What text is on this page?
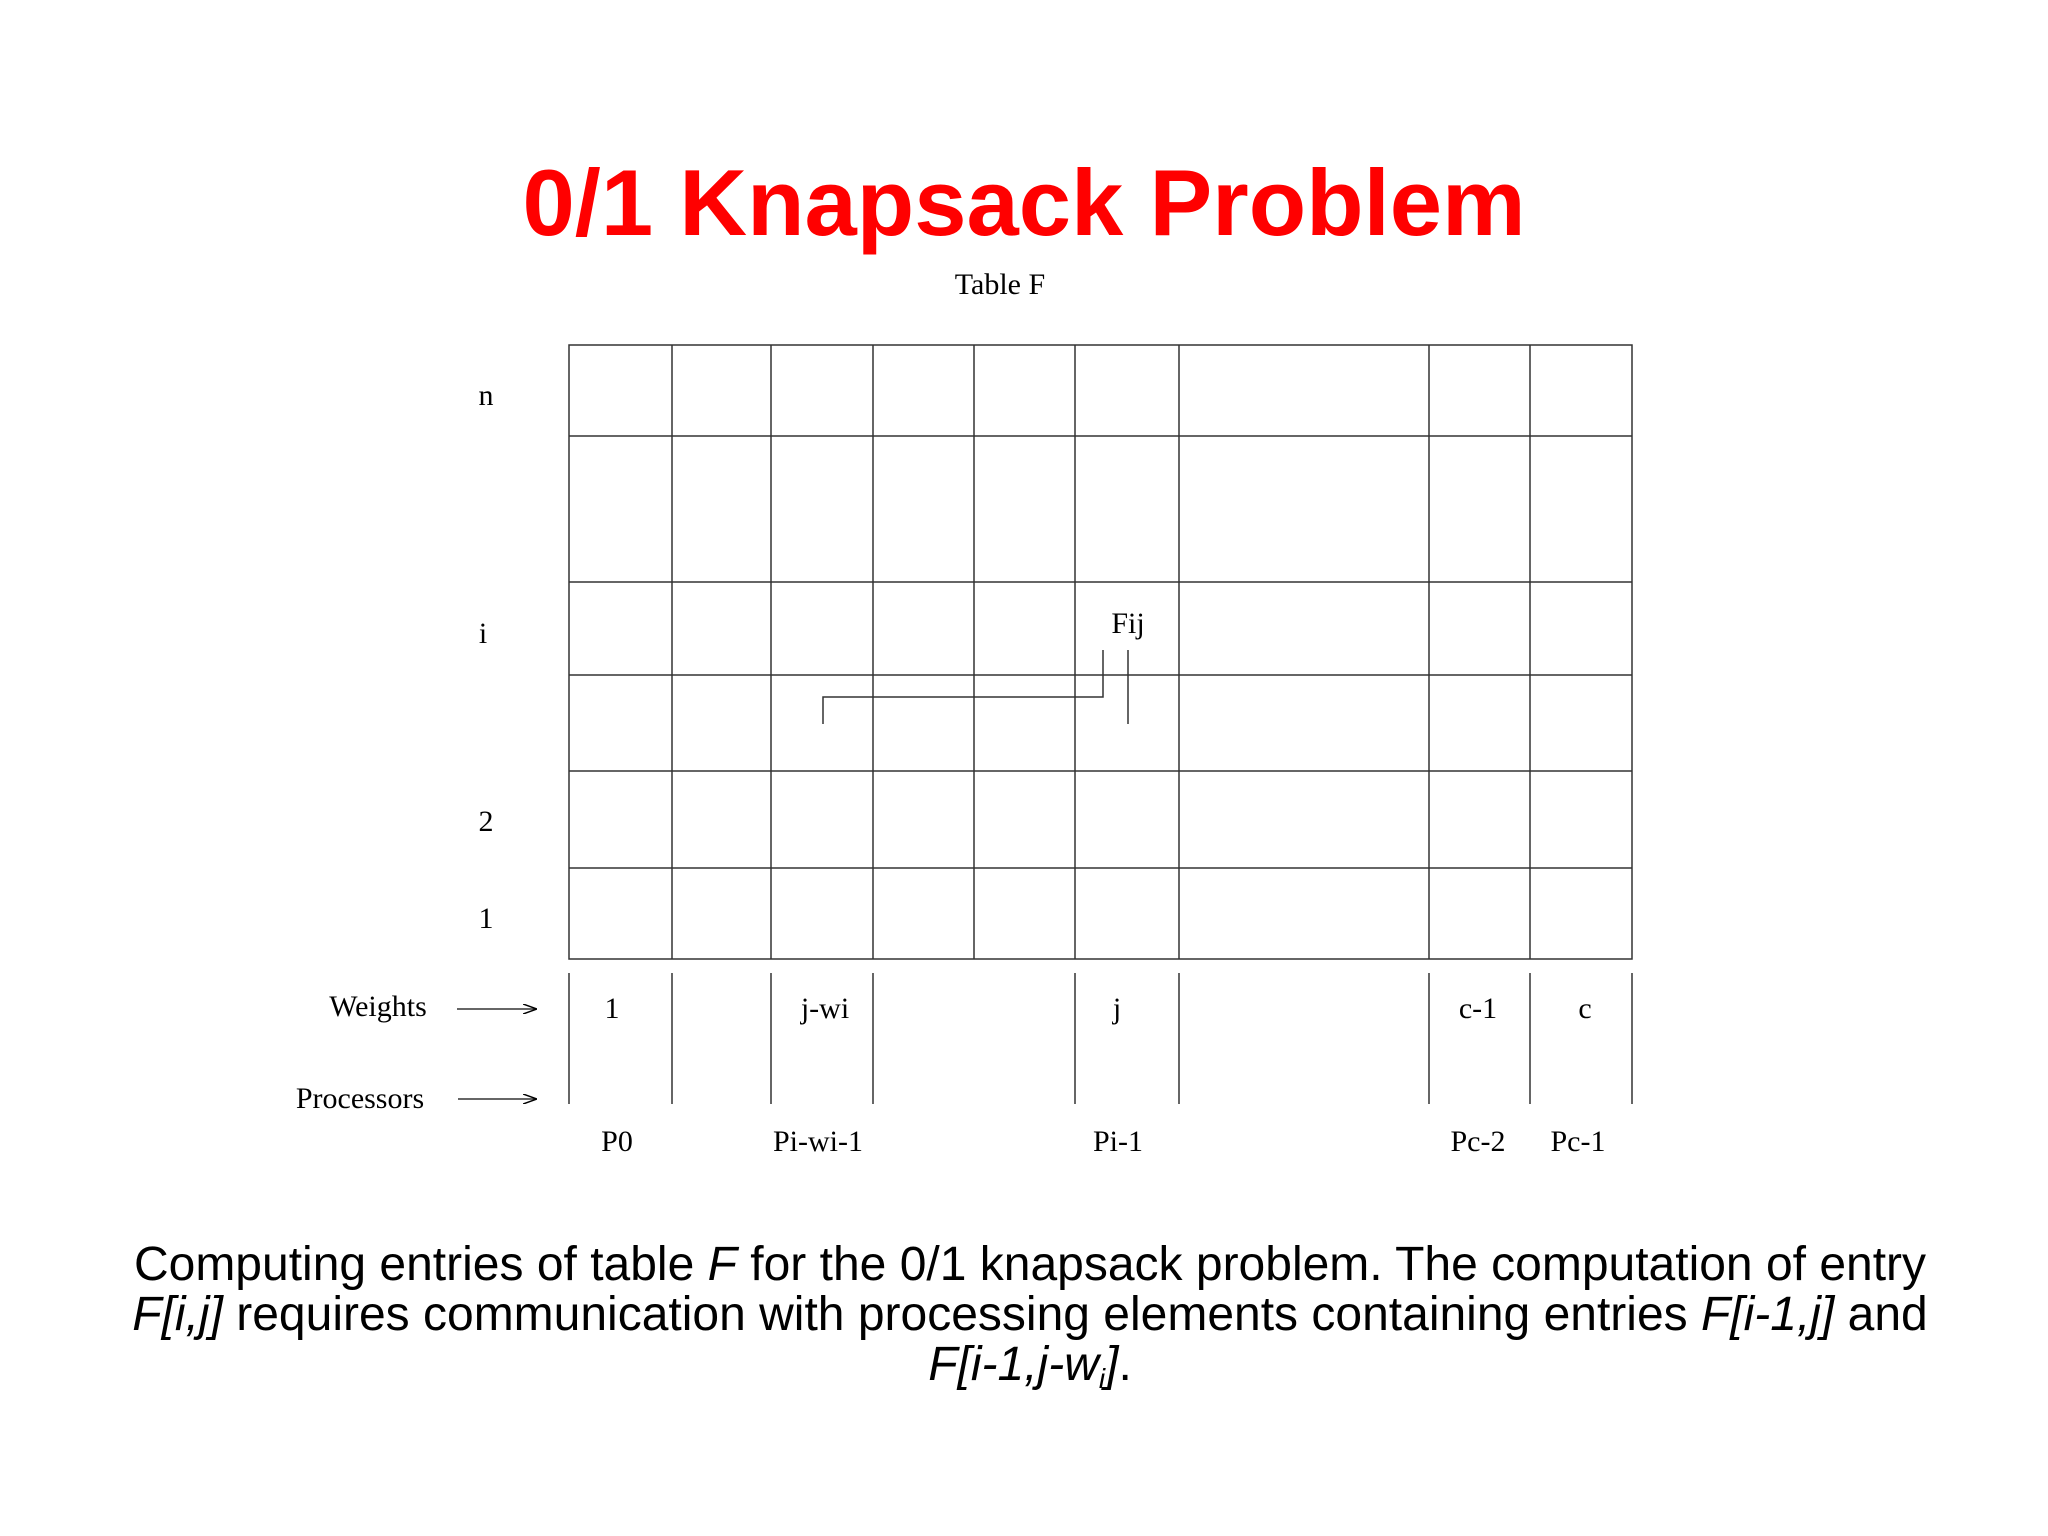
0/1 Knapsack Problem
Table F
n
i
2
1
Fij
Weights
Processors
1	j-wi	j	c-1	c
P0	Pi-wi-1	Pi-1	Pc-2 Pc-1
Computing entries of table F for the 0/1 knapsack problem. The computation of entry F[i,j] requires communication with processing elements containing entries F[i-1,j] and $F[i-1,j-w_i]$.
